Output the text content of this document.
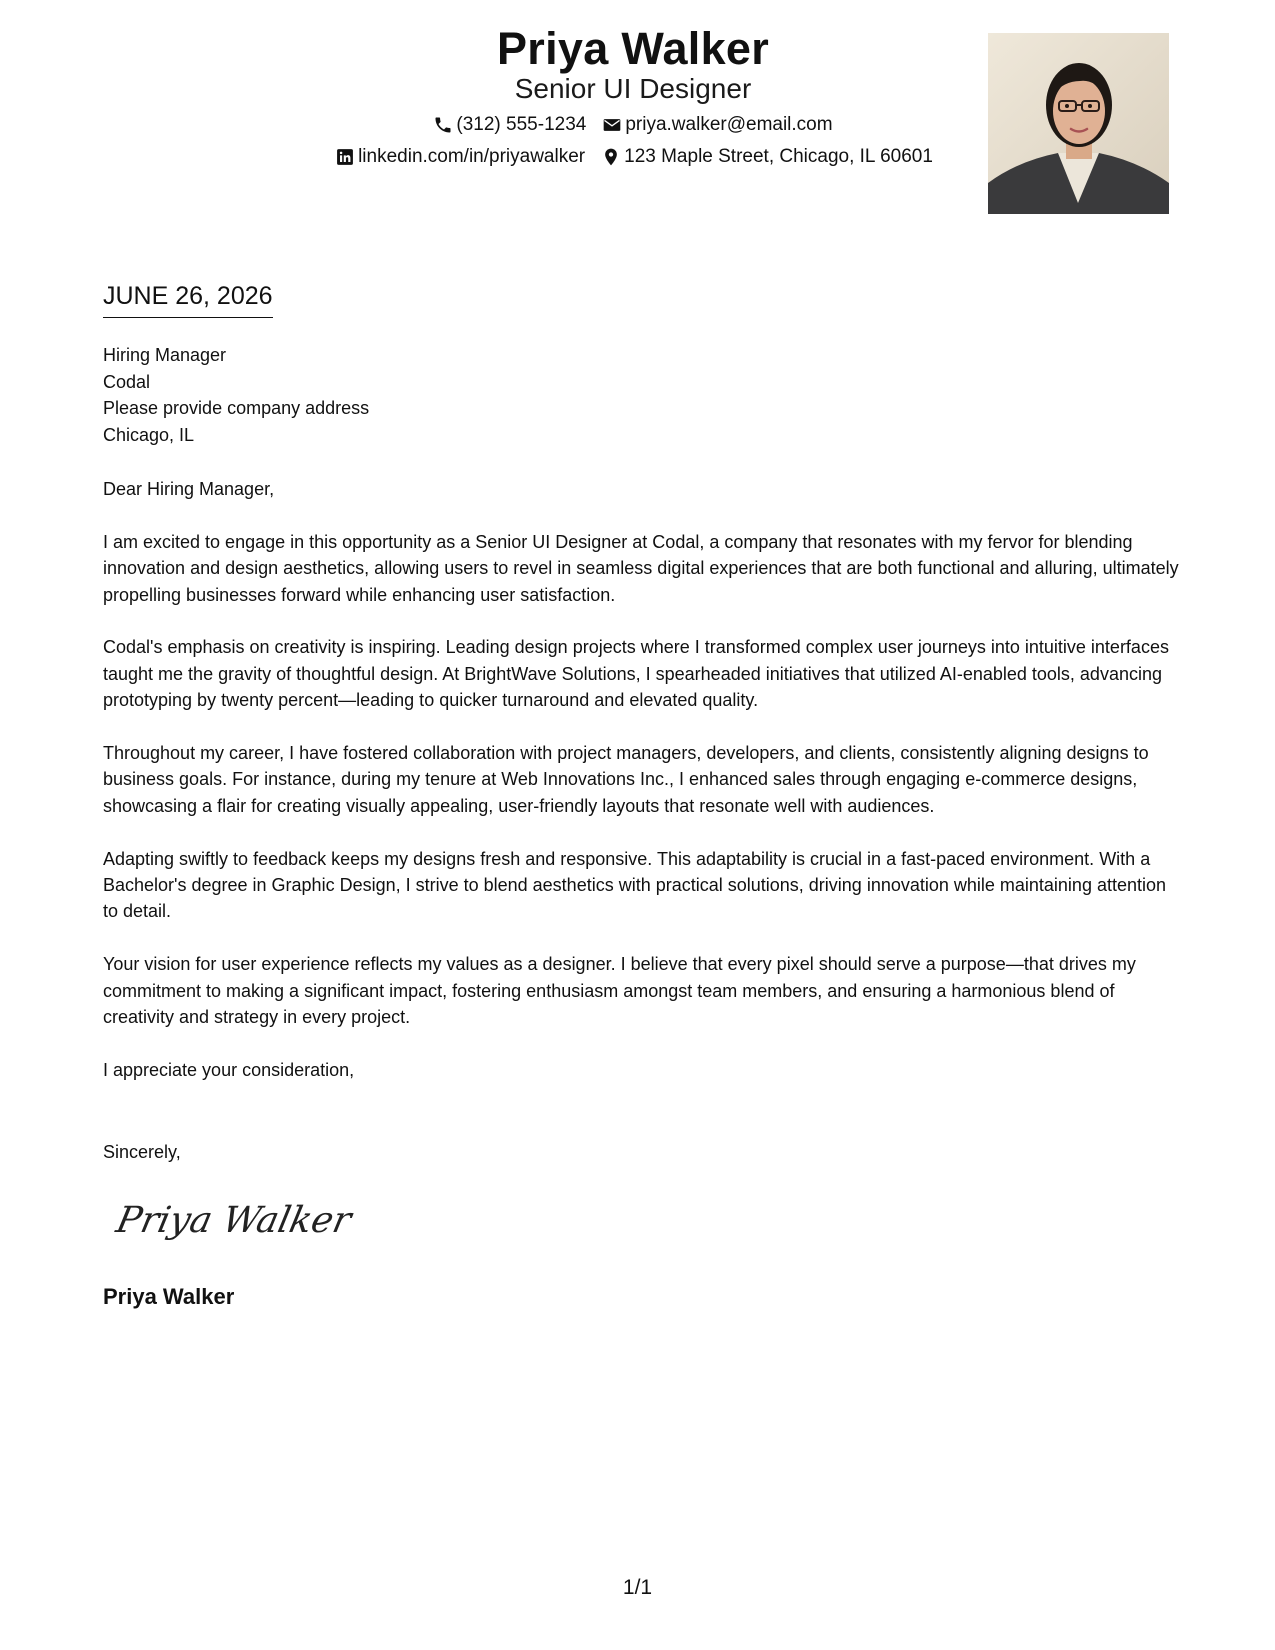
Priya Walker
Senior UI Designer
(312) 555-1234 priya.walker@email.com
linkedin.com/in/priyawalker 123 Maple Street, Chicago, IL 60601
JUNE 26, 2026
Hiring Manager
Codal
Please provide company address
Chicago, IL

Dear Hiring Manager,

I am excited to engage in this opportunity as a Senior UI Designer at Codal, a company that resonates with my fervor for blending innovation and design aesthetics, allowing users to revel in seamless digital experiences that are both functional and alluring, ultimately propelling businesses forward while enhancing user satisfaction.

Codal's emphasis on creativity is inspiring. Leading design projects where I transformed complex user journeys into intuitive interfaces taught me the gravity of thoughtful design. At BrightWave Solutions, I spearheaded initiatives that utilized AI-enabled tools, advancing prototyping by twenty percent—leading to quicker turnaround and elevated quality.

Throughout my career, I have fostered collaboration with project managers, developers, and clients, consistently aligning designs to business goals. For instance, during my tenure at Web Innovations Inc., I enhanced sales through engaging e-commerce designs, showcasing a flair for creating visually appealing, user-friendly layouts that resonate well with audiences.

Adapting swiftly to feedback keeps my designs fresh and responsive. This adaptability is crucial in a fast-paced environment. With a Bachelor's degree in Graphic Design, I strive to blend aesthetics with practical solutions, driving innovation while maintaining attention to detail.

Your vision for user experience reflects my values as a designer. I believe that every pixel should serve a purpose—that drives my commitment to making a significant impact, fostering enthusiasm amongst team members, and ensuring a harmonious blend of creativity and strategy in every project.

I appreciate your consideration,

Sincerely,
Priya Walker
Priya Walker
1/1
